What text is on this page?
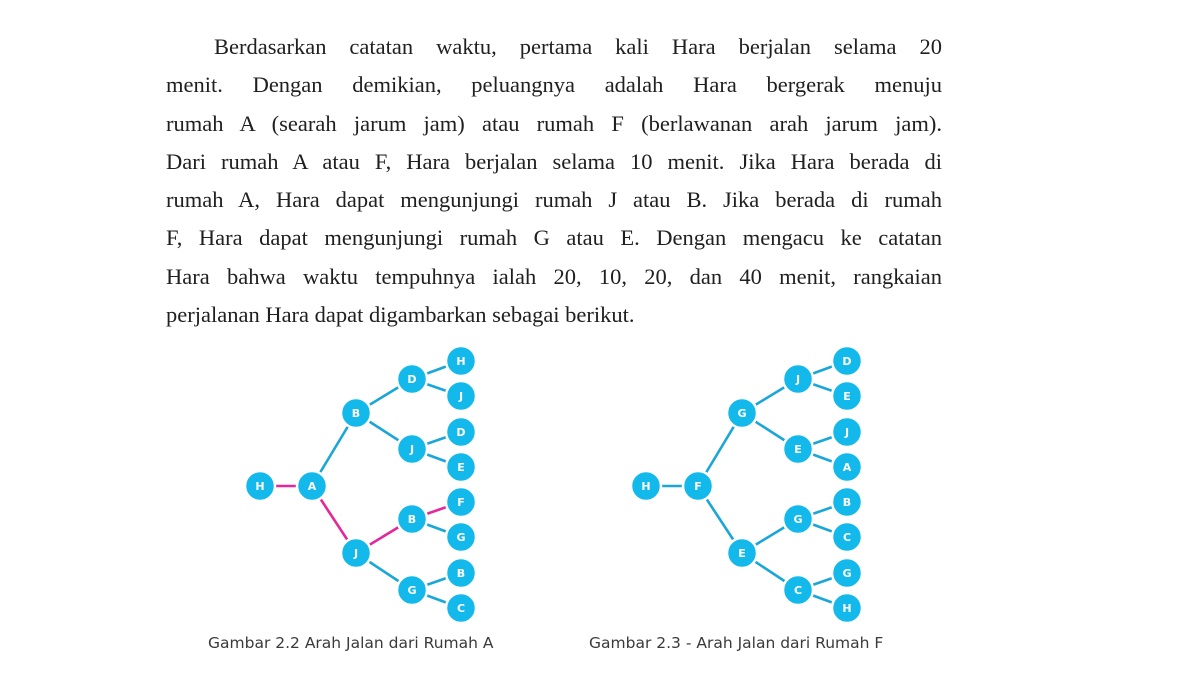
Berdasarkan catatan waktu, pertama kali Hara berjalan selama 20
menit. Dengan demikian, peluangnya adalah Hara bergerak menuju
rumah A (searah jarum jam) atau rumah F (berlawanan arah jarum jam).
Dari rumah A atau F, Hara berjalan selama 10 menit. Jika Hara berada di
rumah A, Hara dapat mengunjungi rumah J atau B. Jika berada di rumah
F, Hara dapat mengunjungi rumah G atau E. Dengan mengacu ke catatan
Hara bahwa waktu tempuhnya ialah 20, 10, 20, dan 40 menit, rangkaian
perjalanan Hara dapat digambarkan sebagai berikut.
H	A
B
J
D
J
B
G
H
J
D
E
F
G
B
C
H	F
G
E
J
E
G
C
D
E
J
A
B
C
G
H
Gambar 2.2 Arah Jalan dari Rumah A	Gambar 2.3 - Arah Jalan dari Rumah F
